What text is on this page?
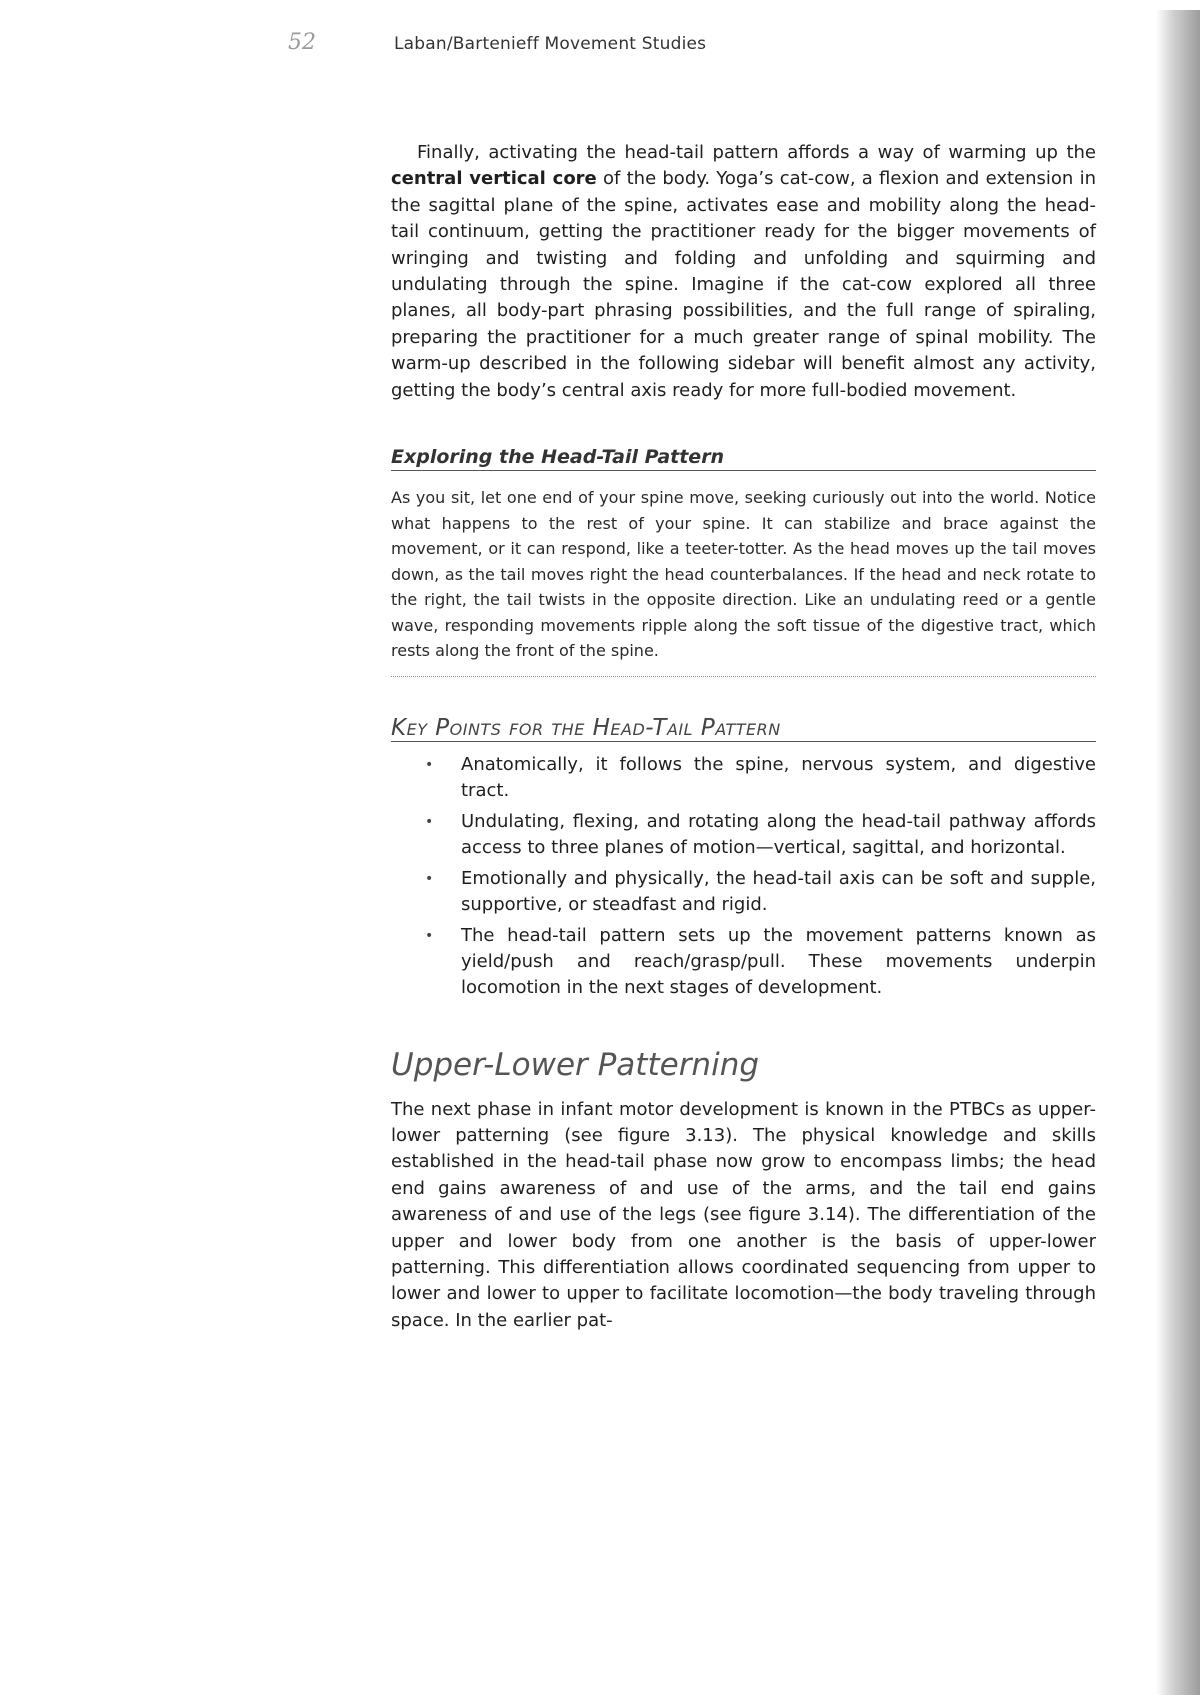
52	Laban/Bartenieff Movement Studies

Finally, activating the head-tail pattern affords a way of warming up the central vertical core of the body. Yoga’s cat-cow, a flexion and extension in the sagittal plane of the spine, activates ease and mobility along the head-tail continuum, getting the practitioner ready for the bigger movements of wringing and twisting and folding and unfolding and squirming and undulating through the spine. Imagine if the cat-cow explored all three planes, all body-part phrasing possibilities, and the full range of spiraling, preparing the practitioner for a much greater range of spinal mobility. The warm-up described in the following sidebar will benefit almost any activity, getting the body’s central axis ready for more full-bodied movement.

Exploring the Head-Tail Pattern

As you sit, let one end of your spine move, seeking curiously out into the world. Notice what happens to the rest of your spine. It can stabilize and brace against the movement, or it can respond, like a teeter-totter. As the head moves up the tail moves down, as the tail moves right the head counterbalances. If the head and neck rotate to the right, the tail twists in the opposite direction. Like an undulating reed or a gentle wave, responding movements ripple along the soft tissue of the digestive tract, which rests along the front of the spine.

Key Points for the Head-Tail Pattern
• Anatomically, it follows the spine, nervous system, and digestive tract.
• Undulating, flexing, and rotating along the head-tail pathway affords access to three planes of motion—vertical, sagittal, and horizontal.
• Emotionally and physically, the head-tail axis can be soft and supple, supportive, or steadfast and rigid.
• The head-tail pattern sets up the movement patterns known as yield/push and reach/grasp/pull. These movements underpin locomotion in the next stages of development.
Upper-Lower Patterning

The next phase in infant motor development is known in the PTBCs as upper-lower patterning (see figure 3.13). The physical knowledge and skills established in the head-tail phase now grow to encompass limbs; the head end gains awareness of and use of the arms, and the tail end gains awareness of and use of the legs (see figure 3.14). The differentiation of the upper and lower body from one another is the basis of upper-lower patterning. This differentiation allows coordinated sequencing from upper to lower and lower to upper to facilitate locomotion—the body traveling through space. In the earlier pat-
